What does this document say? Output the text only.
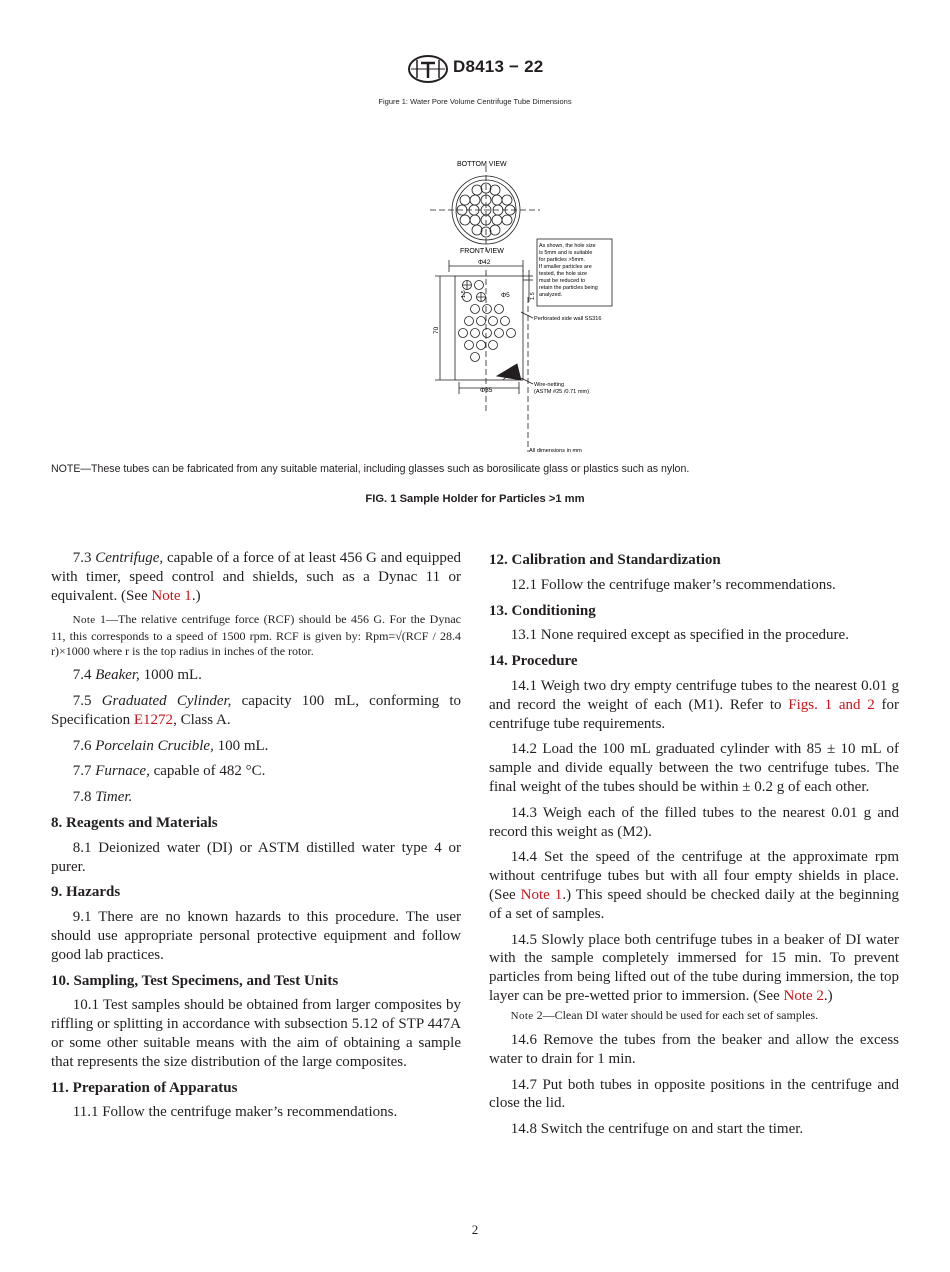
D8413 − 22
Figure 1: Water Pore Volume Centrifuge Tube Dimensions
BOTTOM VIEW
FRONT VIEW
Φ42
Φ5
Φ35
70
1.5	1.5
Perforated side wall SS316
Wire-netting
(ASTM #25 /0.71 mm)
All dimensions in mm
As shown, the hole size
is 5mm and is suitable
for particles >5mm.
If smaller particles are
tested, the hole size
must be reduced to
retain the particles being
analyzed.
NOTE—These tubes can be fabricated from any suitable material, including glasses such as borosilicate glass or plastics such as nylon.
FIG. 1 Sample Holder for Particles >1 mm

7.3 Centrifuge, capable of a force of at least 456 G and equipped with timer, speed control and shields, such as a Dynac 11 or equivalent. (See Note 1.)

Note 1—The relative centrifuge force (RCF) should be 456 G. For the Dynac 11, this corresponds to a speed of 1500 rpm. RCF is given by: Rpm=√(RCF / 28.4 r)×1000 where r is the top radius in inches of the rotor.

7.4 Beaker, 1000 mL.

7.5 Graduated Cylinder, capacity 100 mL, conforming to Specification E1272, Class A.

7.6 Porcelain Crucible, 100 mL.

7.7 Furnace, capable of 482 °C.

7.8 Timer.

8. Reagents and Materials

8.1 Deionized water (DI) or ASTM distilled water type 4 or purer.

9. Hazards

9.1 There are no known hazards to this procedure. The user should use appropriate personal protective equipment and follow good lab practices.

10. Sampling, Test Specimens, and Test Units

10.1 Test samples should be obtained from larger composites by riffling or splitting in accordance with subsection 5.12 of STP 447A or some other suitable means with the aim of obtaining a sample that represents the size distribution of the large composites.

11. Preparation of Apparatus

11.1 Follow the centrifuge maker’s recommendations.

12. Calibration and Standardization

12.1 Follow the centrifuge maker’s recommendations.

13. Conditioning

13.1 None required except as specified in the procedure.

14. Procedure

14.1 Weigh two dry empty centrifuge tubes to the nearest 0.01 g and record the weight of each (M1). Refer to Figs. 1 and 2 for centrifuge tube requirements.

14.2 Load the 100 mL graduated cylinder with 85 ± 10 mL of sample and divide equally between the two centrifuge tubes. The final weight of the tubes should be within ± 0.2 g of each other.

14.3 Weigh each of the filled tubes to the nearest 0.01 g and record this weight as (M2).

14.4 Set the speed of the centrifuge at the approximate rpm without centrifuge tubes but with all four empty shields in place. (See Note 1.) This speed should be checked daily at the beginning of a set of samples.

14.5 Slowly place both centrifuge tubes in a beaker of DI water with the sample completely immersed for 15 min. To prevent particles from being lifted out of the tube during immersion, the top layer can be pre-wetted prior to immersion. (See Note 2.)

Note 2—Clean DI water should be used for each set of samples.

14.6 Remove the tubes from the beaker and allow the excess water to drain for 1 min.

14.7 Put both tubes in opposite positions in the centrifuge and close the lid.

14.8 Switch the centrifuge on and start the timer.

2
